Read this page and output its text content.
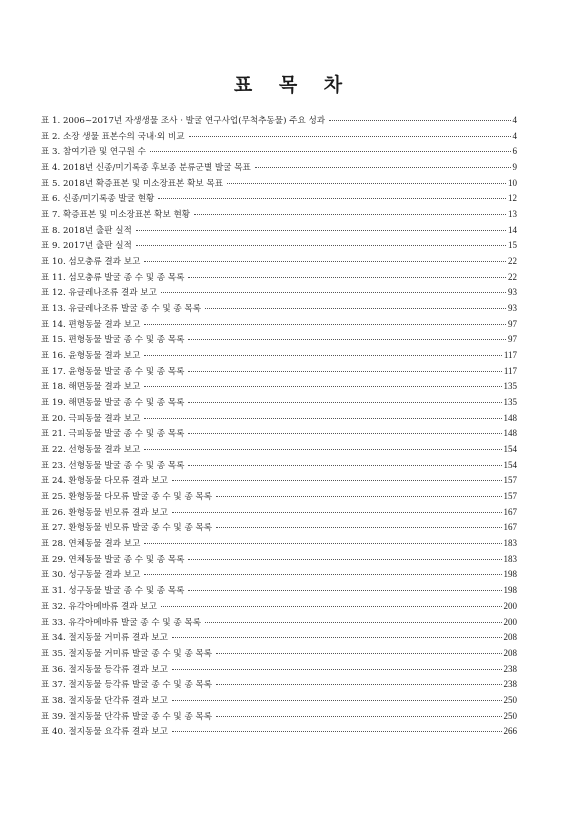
표 목 차
표 1. 2006~2017년 자생생물 조사 · 발굴 연구사업(무척추동물) 주요 성과	4
표 2. 소장 생물 표본수의 국내·외 비교	4
표 3. 참여기관 및 연구원 수	6
표 4. 2018년 신종/미기록종 후보종 분류군별 발굴 목표	9
표 5. 2018년 확증표본 및 미소장표본 확보 목표	10
표 6. 신종/미기록종 발굴 현황	12
표 7. 확증표본 및 미소장표본 확보 현황	13
표 8. 2018년 출판 실적	14
표 9. 2017년 출판 실적	15
표 10. 섬모충류 결과 보고	22
표 11. 섬모충류 발굴 종 수 및 종 목록	22
표 12. 유글레나조류 결과 보고	93
표 13. 유글레나조류 발굴 종 수 및 종 목록	93
표 14. 편형동물 결과 보고	97
표 15. 편형동물 발굴 종 수 및 종 목록	97
표 16. 윤형동물 결과 보고	117
표 17. 윤형동물 발굴 종 수 및 종 목록	117
표 18. 해면동물 결과 보고	135
표 19. 해면동물 발굴 종 수 및 종 목록	135
표 20. 극피동물 결과 보고	148
표 21. 극피동물 발굴 종 수 및 종 목록	148
표 22. 선형동물 결과 보고	154
표 23. 선형동물 발굴 종 수 및 종 목록	154
표 24. 환형동물 다모류 결과 보고	157
표 25. 환형동물 다모류 발굴 종 수 및 종 목록	157
표 26. 환형동물 빈모류 결과 보고	167
표 27. 환형동물 빈모류 발굴 종 수 및 종 목록	167
표 28. 연체동물 결과 보고	183
표 29. 연체동물 발굴 종 수 및 종 목록	183
표 30. 성구동물 결과 보고	198
표 31. 성구동물 발굴 종 수 및 종 목록	198
표 32. 유각아메바류 결과 보고	200
표 33. 유각아메바류 발굴 종 수 및 종 목록	200
표 34. 절지동물 거미류 결과 보고	208
표 35. 절지동물 거미류 발굴 종 수 및 종 목록	208
표 36. 절지동물 등각류 결과 보고	238
표 37. 절지동물 등각류 발굴 종 수 및 종 목록	238
표 38. 절지동물 단각류 결과 보고	250
표 39. 절지동물 단각류 발굴 종 수 및 종 목록	250
표 40. 절지동물 요각류 결과 보고	266
